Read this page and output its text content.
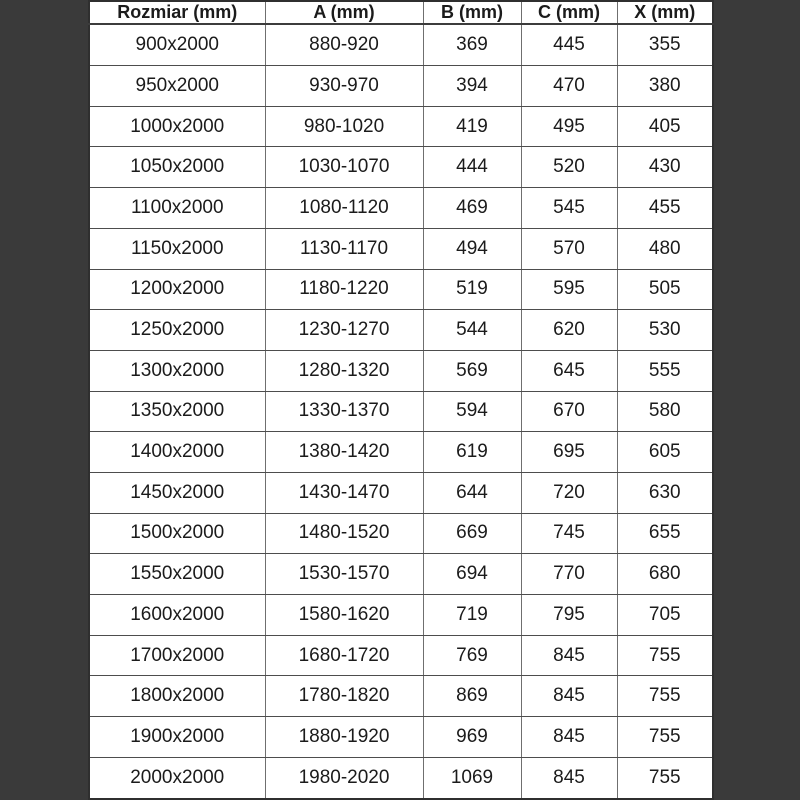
Rozmiar (mm)	A (mm)	B (mm)	C (mm)	X (mm)
900x2000	880-920	369	445	355
950x2000	930-970	394	470	380
1000x2000	980-1020	419	495	405
1050x2000	1030-1070	444	520	430
1100x2000	1080-1120	469	545	455
1150x2000	1130-1170	494	570	480
1200x2000	1180-1220	519	595	505
1250x2000	1230-1270	544	620	530
1300x2000	1280-1320	569	645	555
1350x2000	1330-1370	594	670	580
1400x2000	1380-1420	619	695	605
1450x2000	1430-1470	644	720	630
1500x2000	1480-1520	669	745	655
1550x2000	1530-1570	694	770	680
1600x2000	1580-1620	719	795	705
1700x2000	1680-1720	769	845	755
1800x2000	1780-1820	869	845	755
1900x2000	1880-1920	969	845	755
2000x2000	1980-2020	1069	845	755
